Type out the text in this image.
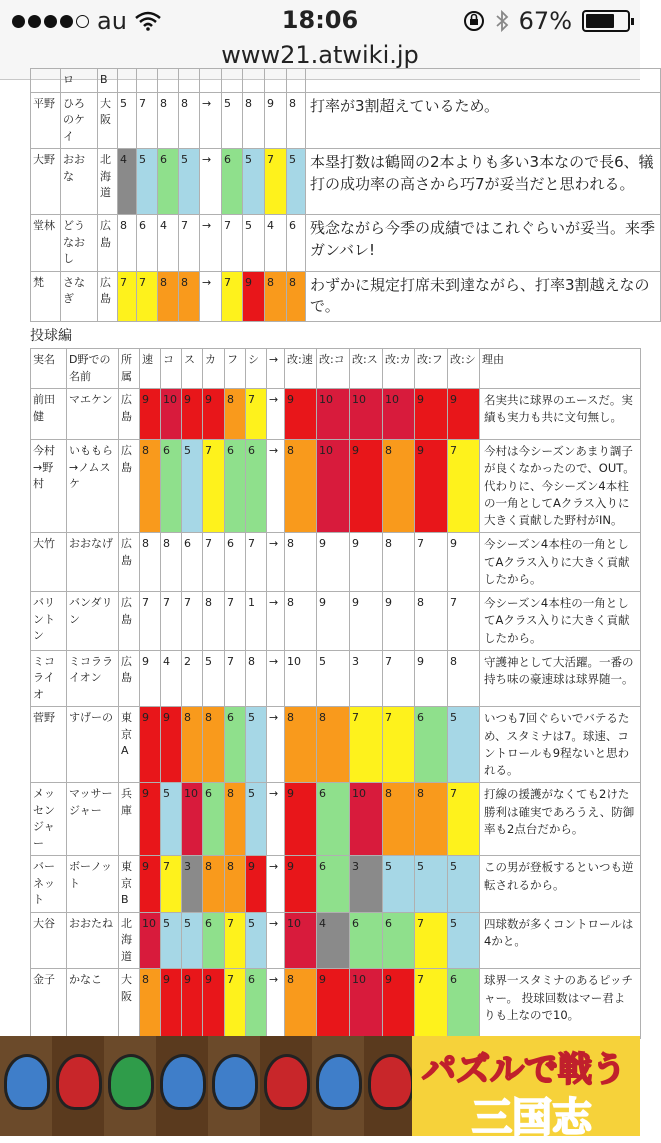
au	18:06	67%
www21.atwiki.jp
	ロ	B										
平野	ひろのケイ	大阪	5	7	8	8	→	5	8	9	8	打率が3割超えているため。
大野	おおな	北海道	4	5	6	5	→	6	5	7	5	本塁打数は鶴岡の2本よりも多い3本なので長6、犠打の成功率の高さから巧7が妥当だと思われる。
堂林	どうなおし	広島	8	6	4	7	→	7	5	4	6	残念ながら今季の成績ではこれぐらいが妥当。来季ガンバレ!
梵	さなぎ	広島	7	7	8	8	→	7	9	8	8	わずかに規定打席未到達ながら、打率3割越えなので。
投球編
実名	D野での名前	所属	速	コ	ス	カ	フ	シ	→	改:速	改:コ	改:ス	改:カ	改:フ	改:シ	理由
前田健	マエケン	広島	9	10	9	9	8	7	→	9	10	10	10	9	9	名実共に球界のエースだ。実績も実力も共に文句無し。
今村→野村	いももら→ノムスケ	広島	8	6	5	7	6	6	→	8	10	9	8	9	7	今村は今シーズンあまり調子が良くなかったので、OUT。代わりに、今シーズン4本柱の一角としてAクラス入りに大きく貢献した野村がIN。
大竹	おおなげ	広島	8	8	6	7	6	7	→	8	9	9	8	7	9	今シーズン4本柱の一角としてAクラス入りに大きく貢献したから。
バリントン	バンダリン	広島	7	7	7	8	7	1	→	8	9	9	9	8	7	今シーズン4本柱の一角としてAクラス入りに大きく貢献したから。
ミコライオ	ミコラライオン	広島	9	4	2	5	7	8	→	10	5	3	7	9	8	守護神として大活躍。一番の持ち味の豪速球は球界随一。
菅野	すげーの	東京A	9	9	8	8	6	5	→	8	8	7	7	6	5	いつも7回ぐらいでバテるため、スタミナは7。球速、コントロールも9程ないと思われる。
メッセンジャー	マッサージャー	兵庫	9	5	10	6	8	5	→	9	6	10	8	8	7	打線の援護がなくても2けた勝利は確実であろうえ、防御率も2点台だから。
バーネット	ボーノット	東京B	9	7	3	8	8	9	→	9	6	3	5	5	5	この男が登板するといつも逆転されるから。
大谷	おおたね	北海道	10	5	5	6	7	5	→	10	4	6	6	7	5	四球数が多くコントロールは4かと。
金子	かなこ	大阪	8	9	9	9	7	6	→	8	9	10	9	7	6	球界一スタミナのあるピッチャー。 投球回数はマー君よりも上なので10。

パズルで戦う
三国志
